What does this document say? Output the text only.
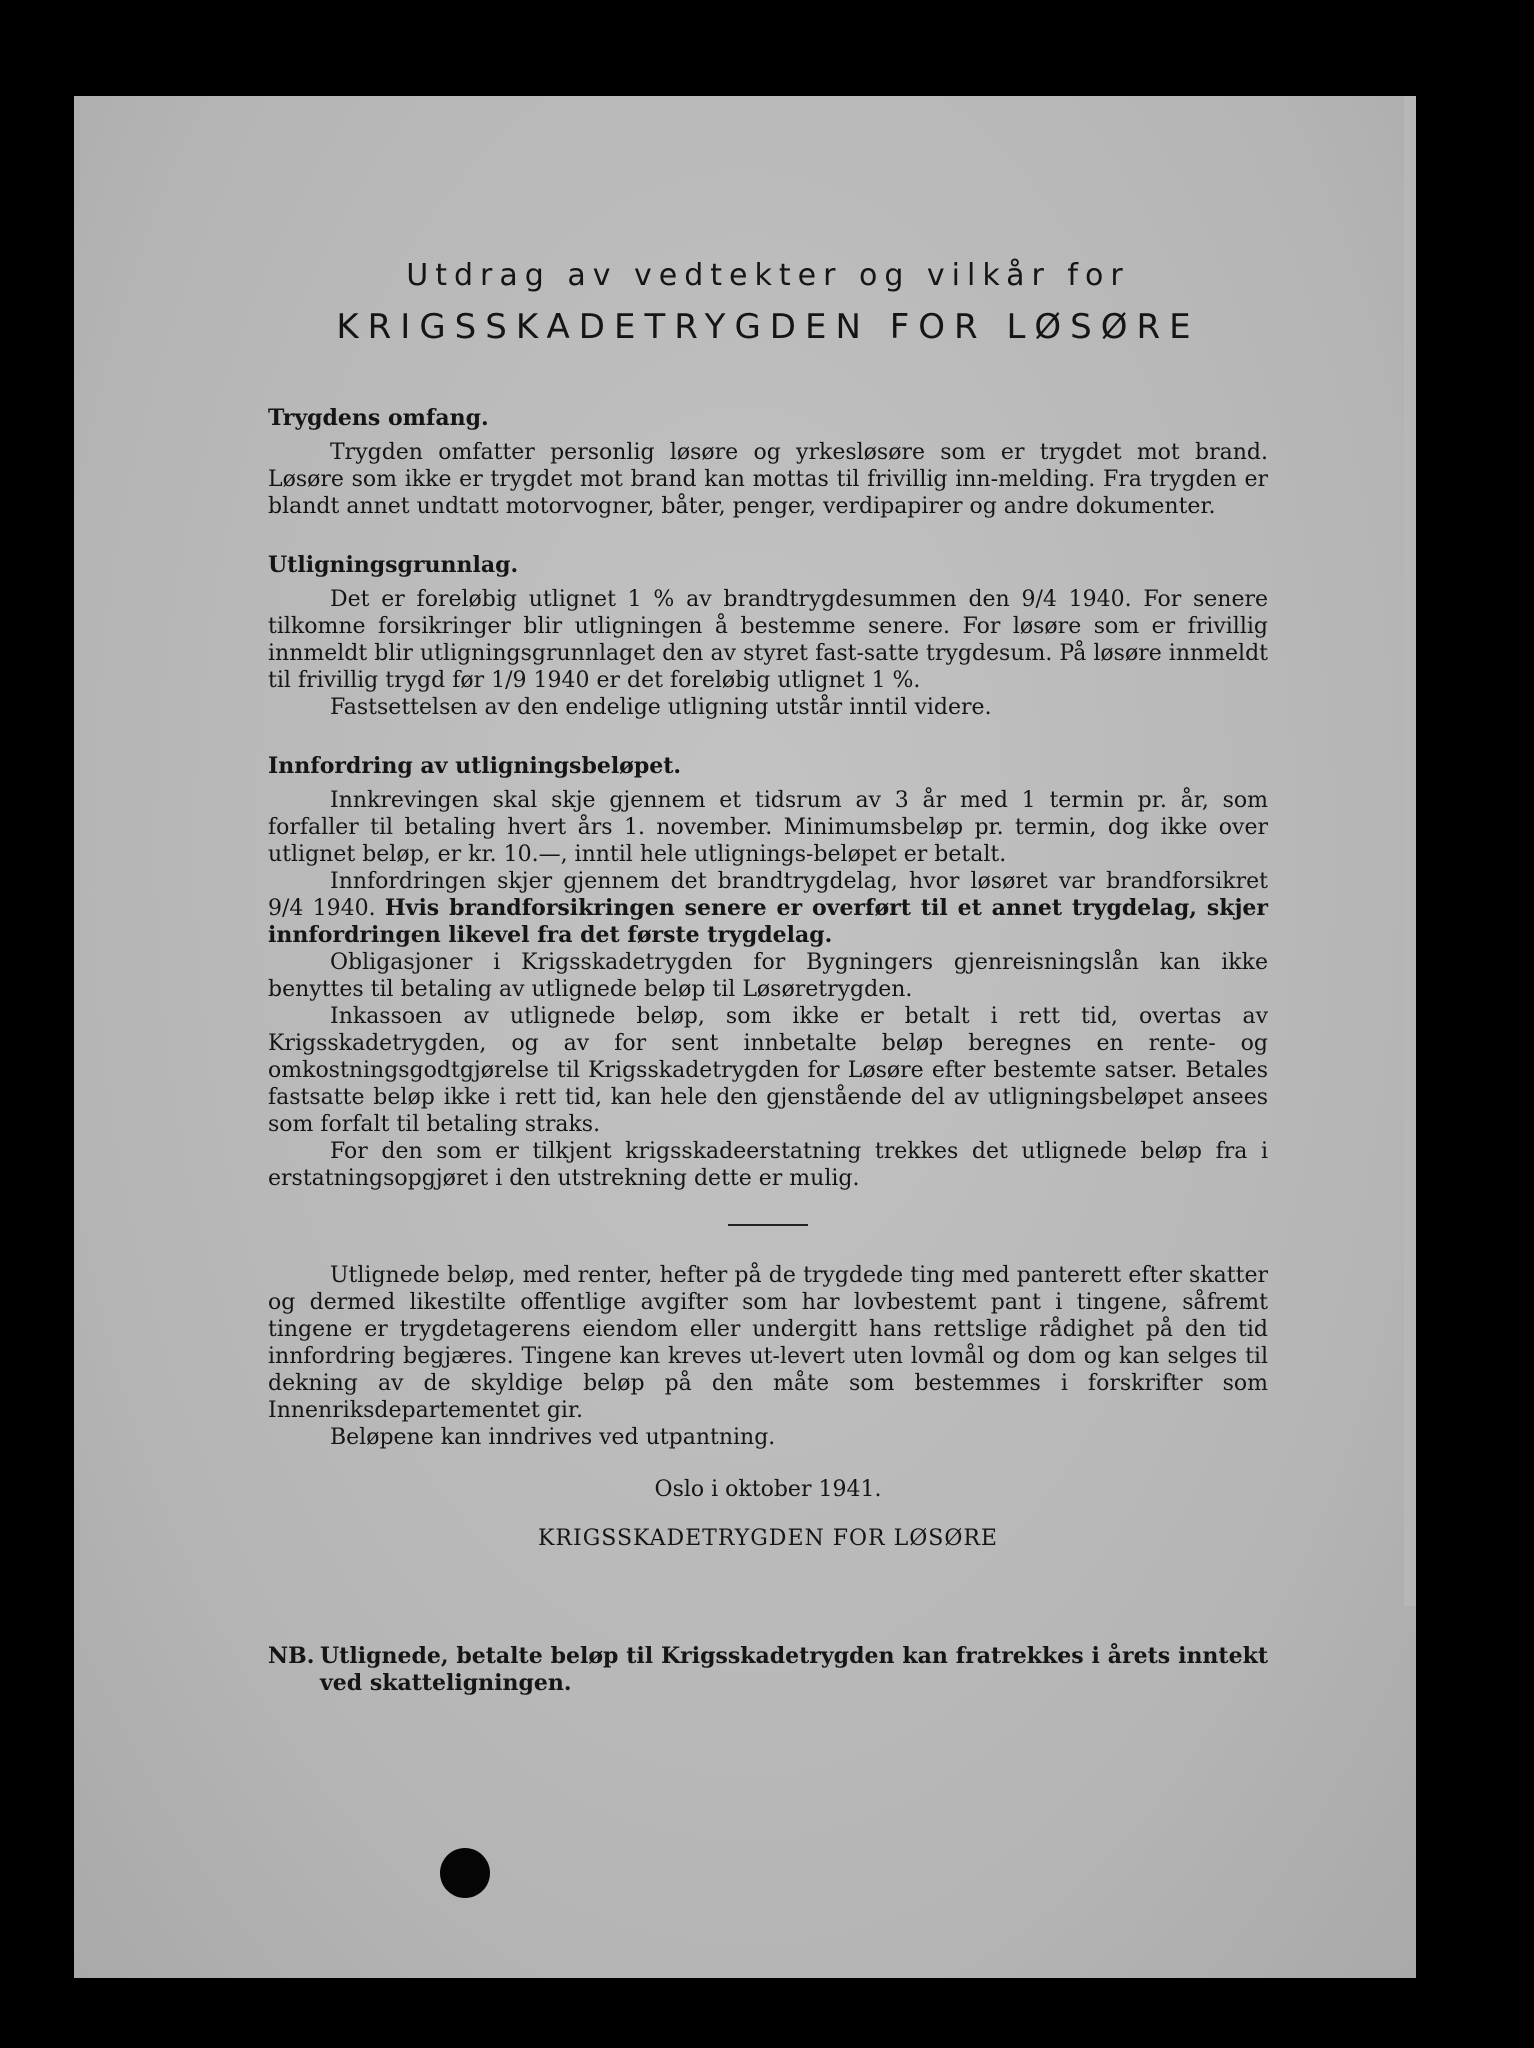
Utdrag av vedtekter og vilkår for
KRIGSSKADETRYGDEN FOR LØSØRE

Trygdens omfang.

Trygden omfatter personlig løsøre og yrkesløsøre som er trygdet mot brand. Løsøre som ikke er trygdet mot brand kan mottas til frivillig inn-melding. Fra trygden er blandt annet undtatt motorvogner, båter, penger, verdipapirer og andre dokumenter.

Utligningsgrunnlag.

Det er foreløbig utlignet 1 % av brandtrygdesummen den 9/4 1940. For senere tilkomne forsikringer blir utligningen å bestemme senere. For løsøre som er frivillig innmeldt blir utligningsgrunnlaget den av styret fast-satte trygdesum. På løsøre innmeldt til frivillig trygd før 1/9 1940 er det foreløbig utlignet 1 %.

Fastsettelsen av den endelige utligning utstår inntil videre.

Innfordring av utligningsbeløpet.

Innkrevingen skal skje gjennem et tidsrum av 3 år med 1 termin pr. år, som forfaller til betaling hvert års 1. november. Minimumsbeløp pr. termin, dog ikke over utlignet beløp, er kr. 10.—, inntil hele utlignings-beløpet er betalt.

Innfordringen skjer gjennem det brandtrygdelag, hvor løsøret var brandforsikret 9/4 1940. Hvis brandforsikringen senere er overført til et annet trygdelag, skjer innfordringen likevel fra det første trygdelag.

Obligasjoner i Krigsskadetrygden for Bygningers gjenreisningslån kan ikke benyttes til betaling av utlignede beløp til Løsøretrygden.

Inkassoen av utlignede beløp, som ikke er betalt i rett tid, overtas av Krigsskadetrygden, og av for sent innbetalte beløp beregnes en rente- og omkostningsgodtgjørelse til Krigsskadetrygden for Løsøre efter bestemte satser. Betales fastsatte beløp ikke i rett tid, kan hele den gjenstående del av utligningsbeløpet ansees som forfalt til betaling straks.

For den som er tilkjent krigsskadeerstatning trekkes det utlignede beløp fra i erstatningsopgjøret i den utstrekning dette er mulig.

Utlignede beløp, med renter, hefter på de trygdede ting med panterett efter skatter og dermed likestilte offentlige avgifter som har lovbestemt pant i tingene, såfremt tingene er trygdetagerens eiendom eller undergitt hans rettslige rådighet på den tid innfordring begjæres. Tingene kan kreves ut-levert uten lovmål og dom og kan selges til dekning av de skyldige beløp på den måte som bestemmes i forskrifter som Innenriksdepartementet gir.

Beløpene kan inndrives ved utpantning.

Oslo i oktober 1941.

KRIGSSKADETRYGDEN FOR LØSØRE

NB. Utlignede, betalte beløp til Krigsskadetrygden kan fratrekkes i årets inntekt ved skatteligningen.
